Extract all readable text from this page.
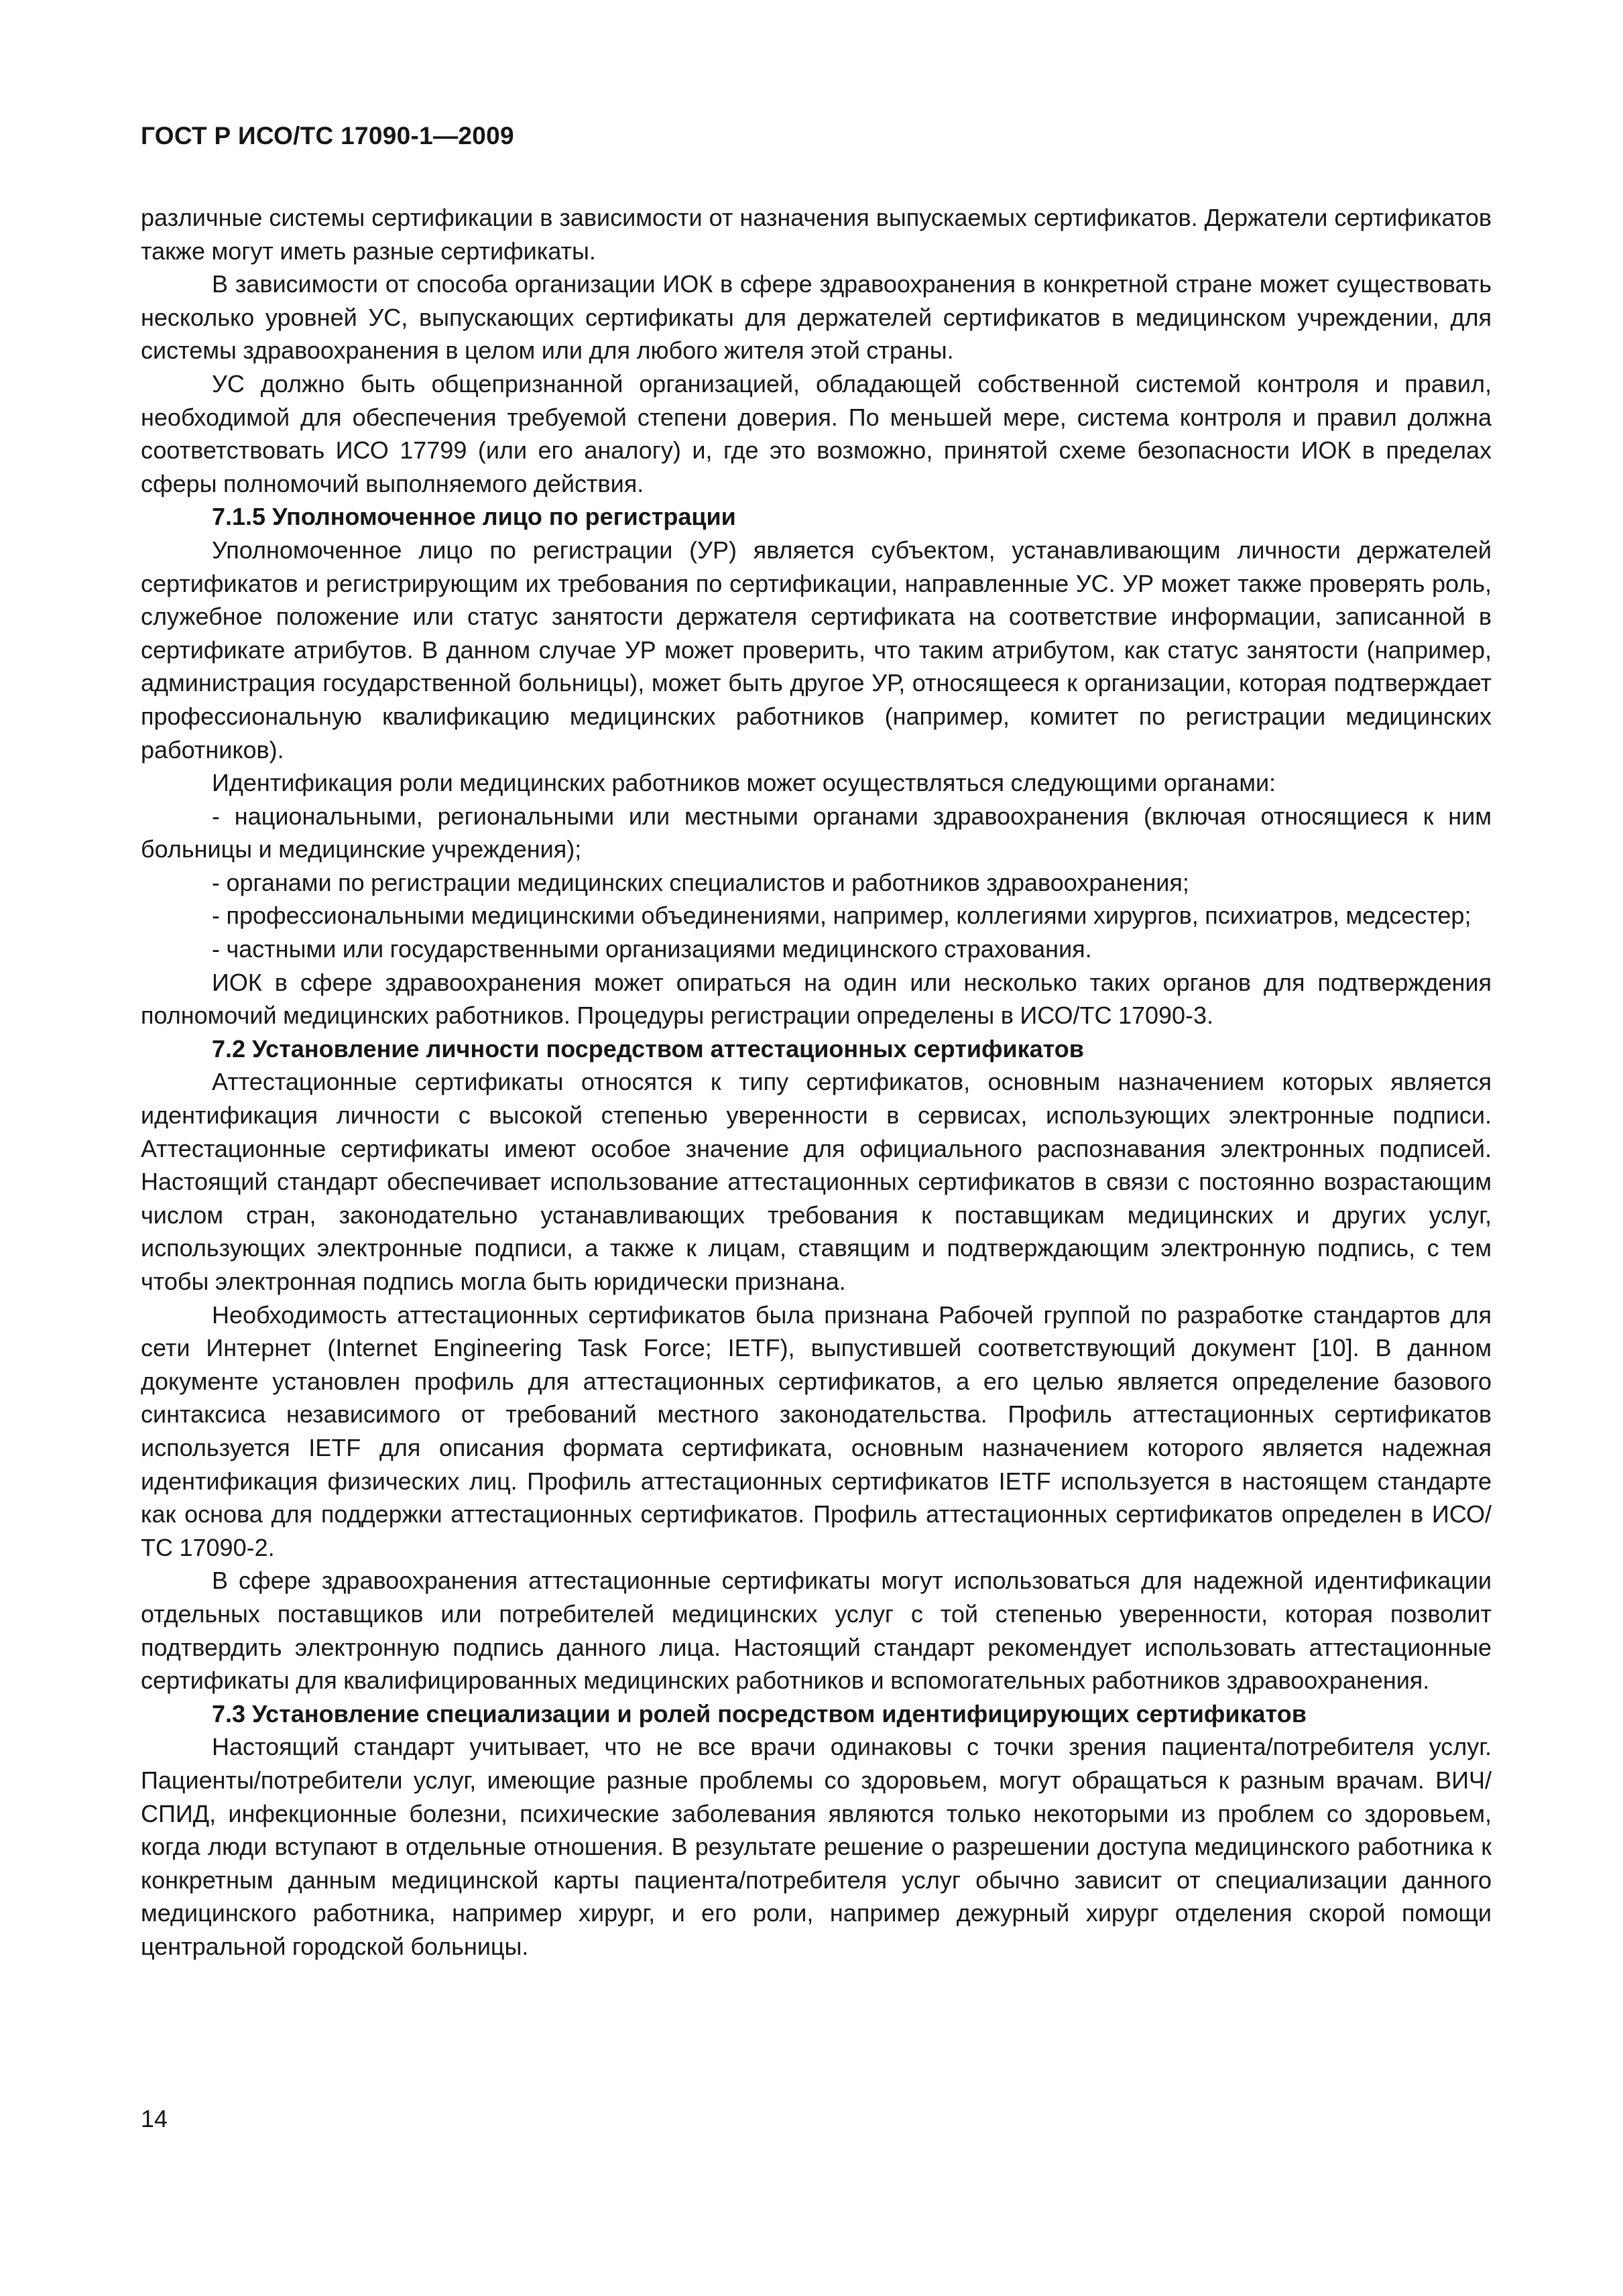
ГОСТ Р ИСО/ТС 17090-1—2009

различные системы сертификации в зависимости от назначения выпускаемых сертификатов. Держатели сертификатов также могут иметь разные сертификаты.

В зависимости от способа организации ИОК в сфере здравоохранения в конкретной стране может существовать несколько уровней УС, выпускающих сертификаты для держателей сертификатов в медицинском учреждении, для системы здравоохранения в целом или для любого жителя этой страны.

УС должно быть общепризнанной организацией, обладающей собственной системой контроля и правил, необходимой для обеспечения требуемой степени доверия. По меньшей мере, система контроля и правил должна соответствовать ИСО 17799 (или его аналогу) и, где это возможно, принятой схеме безопасности ИОК в пределах сферы полномочий выполняемого действия.

7.1.5 Уполномоченное лицо по регистрации

Уполномоченное лицо по регистрации (УР) является субъектом, устанавливающим личности держателей сертификатов и регистрирующим их требования по сертификации, направленные УС. УР может также проверять роль, служебное положение или статус занятости держателя сертификата на соответствие информации, записанной в сертификате атрибутов. В данном случае УР может проверить, что таким атрибутом, как статус занятости (например, администрация государственной больницы), может быть другое УР, относящееся к организации, которая подтверждает профессиональную квалификацию медицинских работников (например, комитет по регистрации медицинских работников).

Идентификация роли медицинских работников может осуществляться следующими органами:

- национальными, региональными или местными органами здравоохранения (включая относящиеся к ним больницы и медицинские учреждения);

- органами по регистрации медицинских специалистов и работников здравоохранения;

- профессиональными медицинскими объединениями, например, коллегиями хирургов, психиатров, медсестер;

- частными или государственными организациями медицинского страхования.

ИОК в сфере здравоохранения может опираться на один или несколько таких органов для подтверждения полномочий медицинских работников. Процедуры регистрации определены в ИСО/ТС 17090-3.

7.2 Установление личности посредством аттестационных сертификатов

Аттестационные сертификаты относятся к типу сертификатов, основным назначением которых является идентификация личности с высокой степенью уверенности в сервисах, использующих электронные подписи. Аттестационные сертификаты имеют особое значение для официального распознавания электронных подписей. Настоящий стандарт обеспечивает использование аттестационных сертификатов в связи с постоянно возрастающим числом стран, законодательно устанавливающих требования к поставщикам медицинских и других услуг, использующих электронные подписи, а также к лицам, ставящим и подтверждающим электронную подпись, с тем чтобы электронная подпись могла быть юридически признана.

Необходимость аттестационных сертификатов была признана Рабочей группой по разработке стандартов для сети Интернет (Internet Engineering Task Force; IETF), выпустившей соответствующий документ [10]. В данном документе установлен профиль для аттестационных сертификатов, а его целью является определение базового синтаксиса независимого от требований местного законодательства. Профиль аттестационных сертификатов используется IETF для описания формата сертификата, основным назначением которого является надежная идентификация физических лиц. Профиль аттестационных сертификатов IETF используется в настоящем стандарте как основа для поддержки аттестационных сертификатов. Профиль аттестационных сертификатов определен в ИСО/ТС 17090-2.

В сфере здравоохранения аттестационные сертификаты могут использоваться для надежной идентификации отдельных поставщиков или потребителей медицинских услуг с той степенью уверенности, которая позволит подтвердить электронную подпись данного лица. Настоящий стандарт рекомендует использовать аттестационные сертификаты для квалифицированных медицинских работников и вспомогательных работников здравоохранения.

7.3 Установление специализации и ролей посредством идентифицирующих сертификатов

Настоящий стандарт учитывает, что не все врачи одинаковы с точки зрения пациента/потребителя услуг. Пациенты/потребители услуг, имеющие разные проблемы со здоровьем, могут обращаться к разным врачам. ВИЧ/СПИД, инфекционные болезни, психические заболевания являются только некоторыми из проблем со здоровьем, когда люди вступают в отдельные отношения. В результате решение о разрешении доступа медицинского работника к конкретным данным медицинской карты пациента/потребителя услуг обычно зависит от специализации данного медицинского работника, например хирург, и его роли, например дежурный хирург отделения скорой помощи центральной городской больницы.

14
